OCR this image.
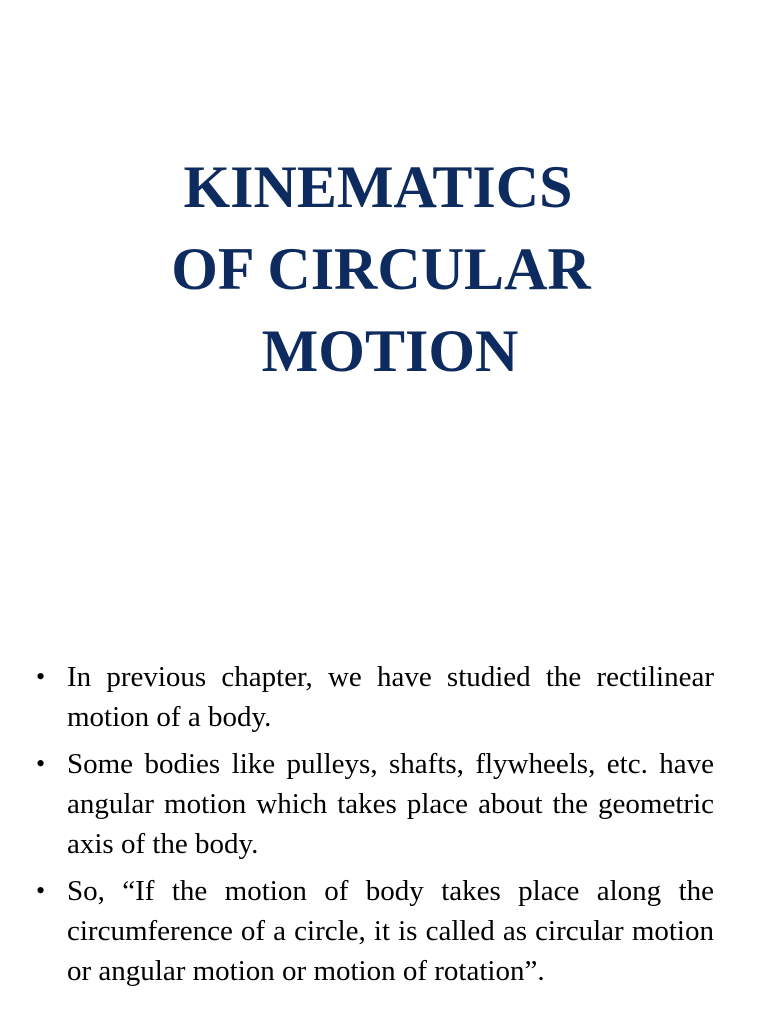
KINEMATICS
OF CIRCULAR
MOTION
• In previous chapter, we have studied the rectilinear motion of a body.
• Some bodies like pulleys, shafts, flywheels, etc. have angular motion which takes place about the geometric axis of the body.
• So, “If the motion of body takes place along the circumference of a circle, it is called as circular motion or angular motion or motion of rotation”.
